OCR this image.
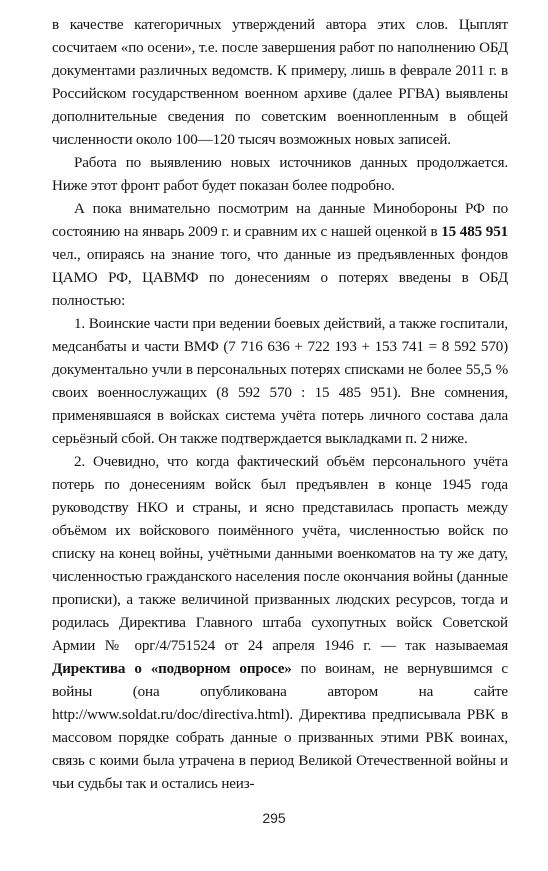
в качестве категоричных утверждений автора этих слов. Цыплят сосчитаем «по осени», т.е. после завершения работ по наполнению ОБД документами различных ведомств. К примеру, лишь в феврале 2011 г. в Российском государственном военном архиве (далее РГВА) выявлены дополнительные сведения по советским военнопленным в общей численности около 100—120 тысяч возможных новых записей.

Работа по выявлению новых источников данных продолжается. Ниже этот фронт работ будет показан более подробно.

А пока внимательно посмотрим на данные Минобороны РФ по состоянию на январь 2009 г. и сравним их с нашей оценкой в 15 485 951 чел., опираясь на знание того, что данные из предъявленных фондов ЦАМО РФ, ЦАВМФ по донесениям о потерях введены в ОБД полностью:

1. Воинские части при ведении боевых действий, а также госпитали, медсанбаты и части ВМФ (7 716 636 + 722 193 + 153 741 = 8 592 570) документально учли в персональных потерях списками не более 55,5 % своих военнослужащих (8 592 570 : 15 485 951). Вне сомнения, применявшаяся в войсках система учёта потерь личного состава дала серьёзный сбой. Он также подтверждается выкладками п. 2 ниже.

2. Очевидно, что когда фактический объём персонального учёта потерь по донесениям войск был предъявлен в конце 1945 года руководству НКО и страны, и ясно представилась пропасть между объёмом их войскового поимённого учёта, численностью войск по списку на конец войны, учётными данными военкоматов на ту же дату, численностью гражданского населения после окончания войны (данные прописки), а также величиной призванных людских ресурсов, тогда и родилась Директива Главного штаба сухопутных войск Советской Армии № орг/4/751524 от 24 апреля 1946 г. — так называемая Директива о «подворном опросе» по воинам, не вернувшимся с войны (она опубликована автором на сайте http://www.soldat.ru/doc/directiva.html). Директива предписывала РВК в массовом порядке собрать данные о призванных этими РВК воинах, связь с коими была утрачена в период Великой Отечественной войны и чьи судьбы так и остались неиз-

295
